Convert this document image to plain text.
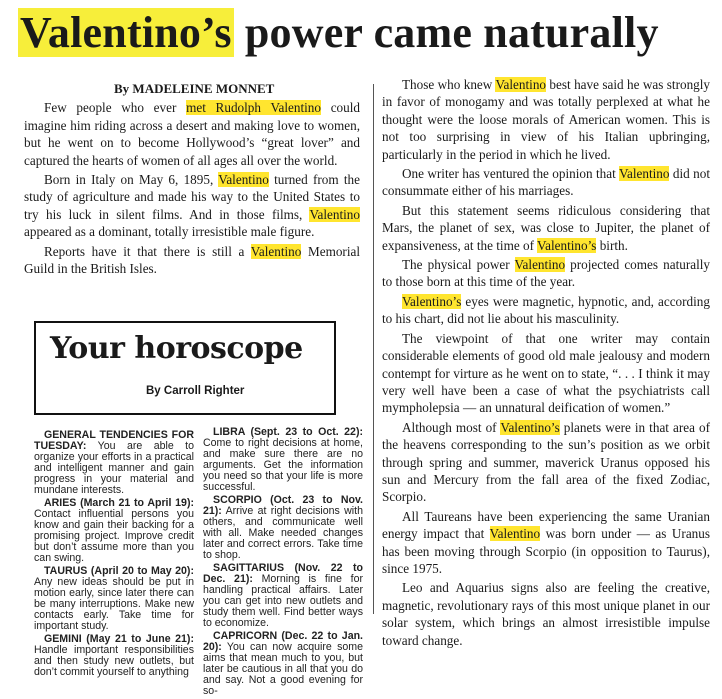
Valentino’s power came naturally

By MADELEINE MONNET

Few people who ever met Rudolph Valentino could imagine him riding across a desert and making love to women, but he went on to become Hollywood’s “great lover” and captured the hearts of women of all ages all over the world.

Born in Italy on May 6, 1895, Valentino turned from the study of agriculture and made his way to the United States to try his luck in silent films. And in those films, Valentino appeared as a dominant, totally irresistible male figure.

Reports have it that there is still a Valentino Memorial Guild in the British Isles.

Those who knew Valentino best have said he was strongly in favor of monogamy and was totally perplexed at what he thought were the loose morals of American women. This is not too surprising in view of his Italian upbringing, particularly in the period in which he lived.

One writer has ventured the opinion that Valentino did not consummate either of his marriages.

But this statement seems ridiculous considering that Mars, the planet of sex, was close to Jupiter, the planet of expansiveness, at the time of Valentino’s birth.

The physical power Valentino projected comes naturally to those born at this time of the year.

Valentino’s eyes were magnetic, hypnotic, and, according to his chart, did not lie about his masculinity.

The viewpoint of that one writer may contain considerable elements of good old male jealousy and modern contempt for virture as he went on to state, “. . . I think it may very well have been a case of what the psychiatrists call mympholepsia — an unnatural deification of women.”

Although most of Valentino’s planets were in that area of the heavens corresponding to the sun’s position as we orbit through spring and summer, maverick Uranus opposed his sun and Mercury from the fall area of the fixed Zodiac, Scorpio.

All Taureans have been experiencing the same Uranian energy impact that Valentino was born under — as Uranus has been moving through Scorpio (in opposition to Taurus), since 1975.

Leo and Aquarius signs also are feeling the creative, magnetic, revolutionary rays of this most unique planet in our solar system, which brings an almost irresistible impulse toward change.

Your horoscope
By Carroll Righter
GENERAL TENDENCIES FOR TUESDAY: You are able to organize your efforts in a practical and intelligent manner and gain progress in your material and mundane interests.
ARIES (March 21 to April 19): Contact influential persons you know and gain their backing for a promising project. Improve credit but don’t assume more than you can swing.
TAURUS (April 20 to May 20): Any new ideas should be put in motion early, since later there can be many interruptions. Make new contacts early. Take time for important study.
GEMINI (May 21 to June 21): Handle important responsibilities and then study new outlets, but don’t commit yourself to anything
LIBRA (Sept. 23 to Oct. 22): Come to right decisions at home, and make sure there are no arguments. Get the information you need so that your life is more successful.
SCORPIO (Oct. 23 to Nov. 21): Arrive at right decisions with others, and communicate well with all. Make needed changes later and correct errors. Take time to shop.
SAGITTARIUS (Nov. 22 to Dec. 21): Morning is fine for handling practical affairs. Later you can get into new outlets and study them well. Find better ways to economize.
CAPRICORN (Dec. 22 to Jan. 20): You can now acquire some aims that mean much to you, but later be cautious in all that you do and say. Not a good evening for so-
